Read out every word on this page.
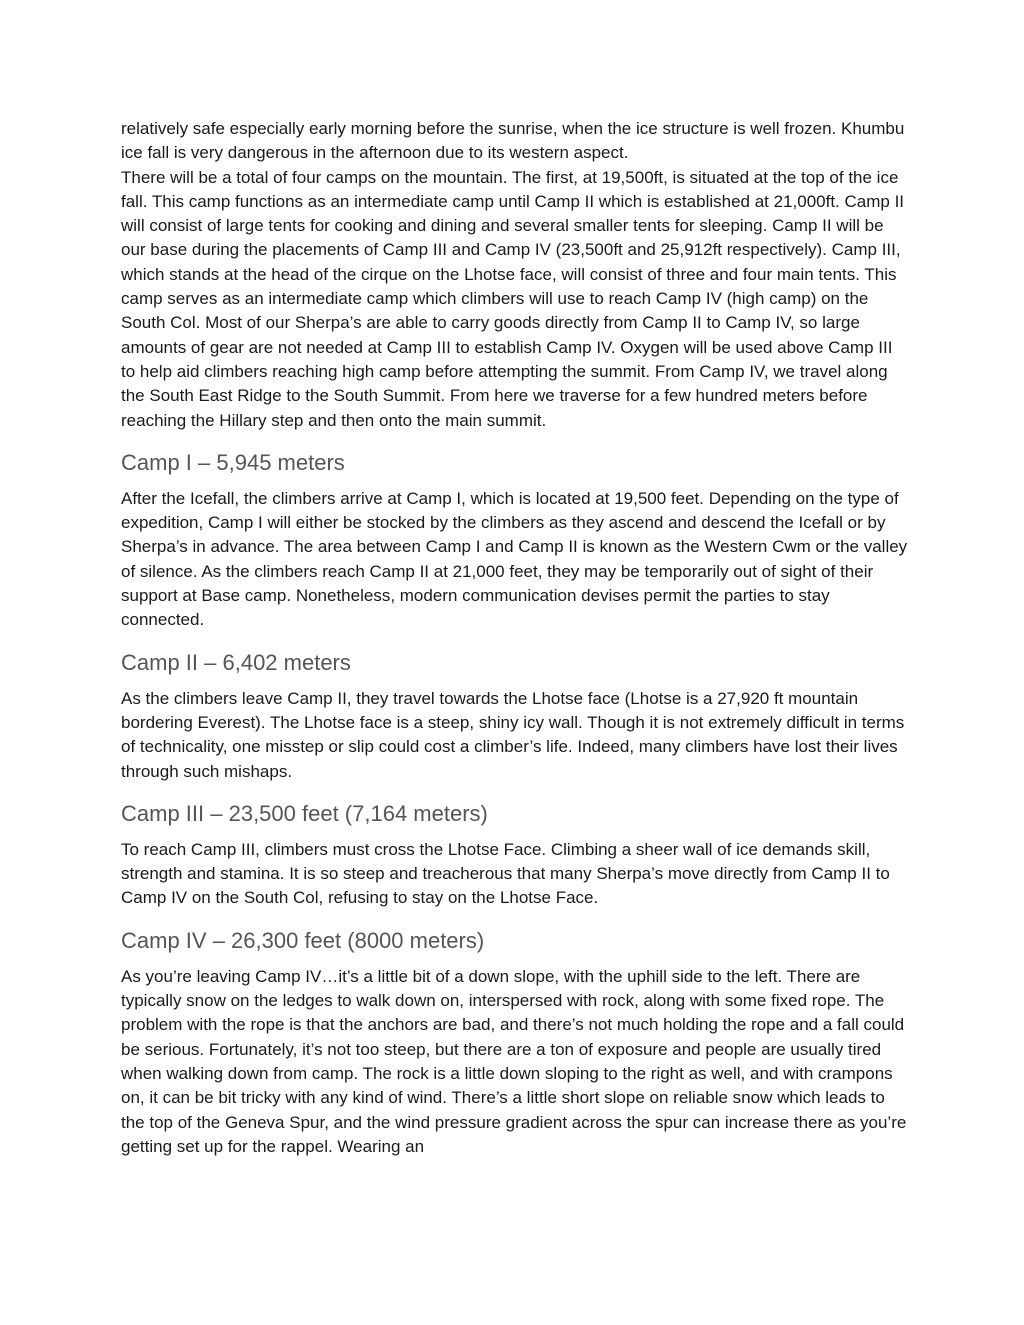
relatively safe especially early morning before the sunrise, when the ice structure is well frozen. Khumbu ice fall is very dangerous in the afternoon due to its western aspect.

There will be a total of four camps on the mountain. The first, at 19,500ft, is situated at the top of the ice fall. This camp functions as an intermediate camp until Camp II which is established at 21,000ft. Camp II will consist of large tents for cooking and dining and several smaller tents for sleeping. Camp II will be our base during the placements of Camp III and Camp IV (23,500ft and 25,912ft respectively). Camp III, which stands at the head of the cirque on the Lhotse face, will consist of three and four main tents. This camp serves as an intermediate camp which climbers will use to reach Camp IV (high camp) on the South Col. Most of our Sherpa’s are able to carry goods directly from Camp II to Camp IV, so large amounts of gear are not needed at Camp III to establish Camp IV. Oxygen will be used above Camp III to help aid climbers reaching high camp before attempting the summit. From Camp IV, we travel along the South East Ridge to the South Summit. From here we traverse for a few hundred meters before reaching the Hillary step and then onto the main summit.

Camp I – 5,945 meters

After the Icefall, the climbers arrive at Camp I, which is located at 19,500 feet. Depending on the type of expedition, Camp I will either be stocked by the climbers as they ascend and descend the Icefall or by Sherpa’s in advance. The area between Camp I and Camp II is known as the Western Cwm or the valley of silence. As the climbers reach Camp II at 21,000 feet, they may be temporarily out of sight of their support at Base camp. Nonetheless, modern communication devises permit the parties to stay connected.

Camp II – 6,402 meters

As the climbers leave Camp II, they travel towards the Lhotse face (Lhotse is a 27,920 ft mountain bordering Everest). The Lhotse face is a steep, shiny icy wall. Though it is not extremely difficult in terms of technicality, one misstep or slip could cost a climber’s life. Indeed, many climbers have lost their lives through such mishaps.

Camp III – 23,500 feet (7,164 meters)

To reach Camp III, climbers must cross the Lhotse Face. Climbing a sheer wall of ice demands skill, strength and stamina. It is so steep and treacherous that many Sherpa’s move directly from Camp II to Camp IV on the South Col, refusing to stay on the Lhotse Face.

Camp IV – 26,300 feet (8000 meters)

As you’re leaving Camp IV…it’s a little bit of a down slope, with the uphill side to the left. There are typically snow on the ledges to walk down on, interspersed with rock, along with some fixed rope. The problem with the rope is that the anchors are bad, and there’s not much holding the rope and a fall could be serious. Fortunately, it’s not too steep, but there are a ton of exposure and people are usually tired when walking down from camp. The rock is a little down sloping to the right as well, and with crampons on, it can be bit tricky with any kind of wind. There’s a little short slope on reliable snow which leads to the top of the Geneva Spur, and the wind pressure gradient across the spur can increase there as you’re getting set up for the rappel. Wearing an
